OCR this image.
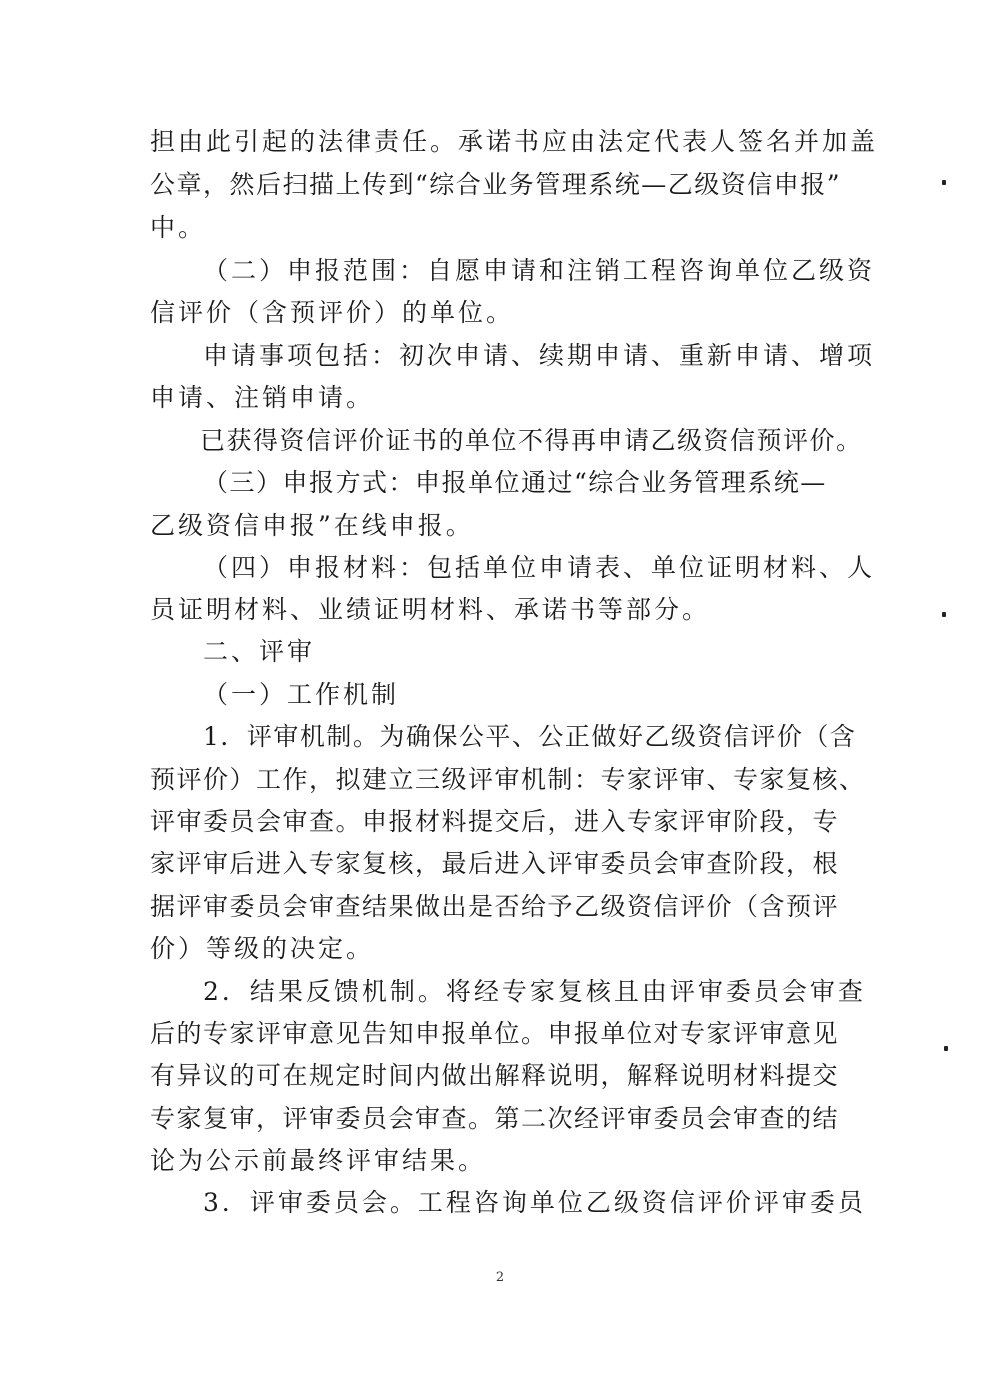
担由此引起的法律责任。承诺书应由法定代表人签名并加盖
公章，然后扫描上传到“综合业务管理系统—乙级资信申报”
中。
（二）申报范围：自愿申请和注销工程咨询单位乙级资
信评价（含预评价）的单位。
申请事项包括：初次申请、续期申请、重新申请、增项
申请、注销申请。
已获得资信评价证书的单位不得再申请乙级资信预评价。
（三）申报方式：申报单位通过“综合业务管理系统—
乙级资信申报”在线申报。
（四）申报材料：包括单位申请表、单位证明材料、人
员证明材料、业绩证明材料、承诺书等部分。
二、评审
（一）工作机制
1．评审机制。为确保公平、公正做好乙级资信评价（含
预评价）工作，拟建立三级评审机制：专家评审、专家复核、
评审委员会审查。申报材料提交后，进入专家评审阶段，专
家评审后进入专家复核，最后进入评审委员会审查阶段，根
据评审委员会审查结果做出是否给予乙级资信评价（含预评
价）等级的决定。
2．结果反馈机制。将经专家复核且由评审委员会审查
后的专家评审意见告知申报单位。申报单位对专家评审意见
有异议的可在规定时间内做出解释说明，解释说明材料提交
专家复审，评审委员会审查。第二次经评审委员会审查的结
论为公示前最终评审结果。
3．评审委员会。工程咨询单位乙级资信评价评审委员
2
